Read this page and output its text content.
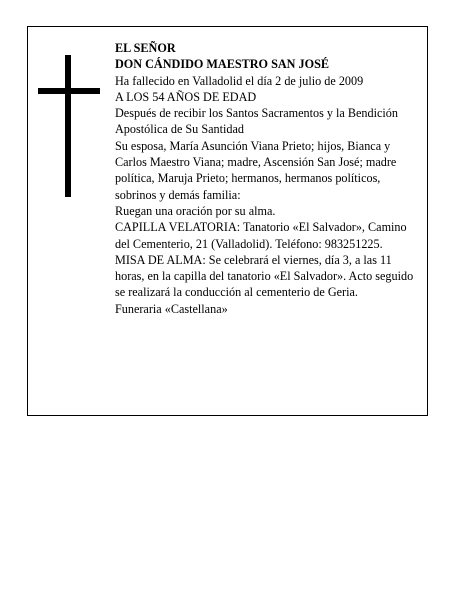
EL SEÑOR
DON CÁNDIDO MAESTRO SAN JOSÉ
Ha fallecido en Valladolid el día 2 de julio de 2009
A LOS 54 AÑOS DE EDAD
Después de recibir los Santos Sacramentos y la Bendición Apostólica de Su Santidad
Su esposa, María Asunción Viana Prieto; hijos, Bianca y Carlos Maestro Viana; madre, Ascensión San José; madre política, Maruja Prieto; hermanos, hermanos políticos, sobrinos y demás familia:
Ruegan una oración por su alma.
CAPILLA VELATORIA: Tanatorio «El Salvador», Camino del Cementerio, 21 (Valladolid). Teléfono: 983251225.
MISA DE ALMA: Se celebrará el viernes, día 3, a las 11 horas, en la capilla del tanatorio «El Salvador». Acto seguido se realizará la conducción al cementerio de Geria.
Funeraria «Castellana»
